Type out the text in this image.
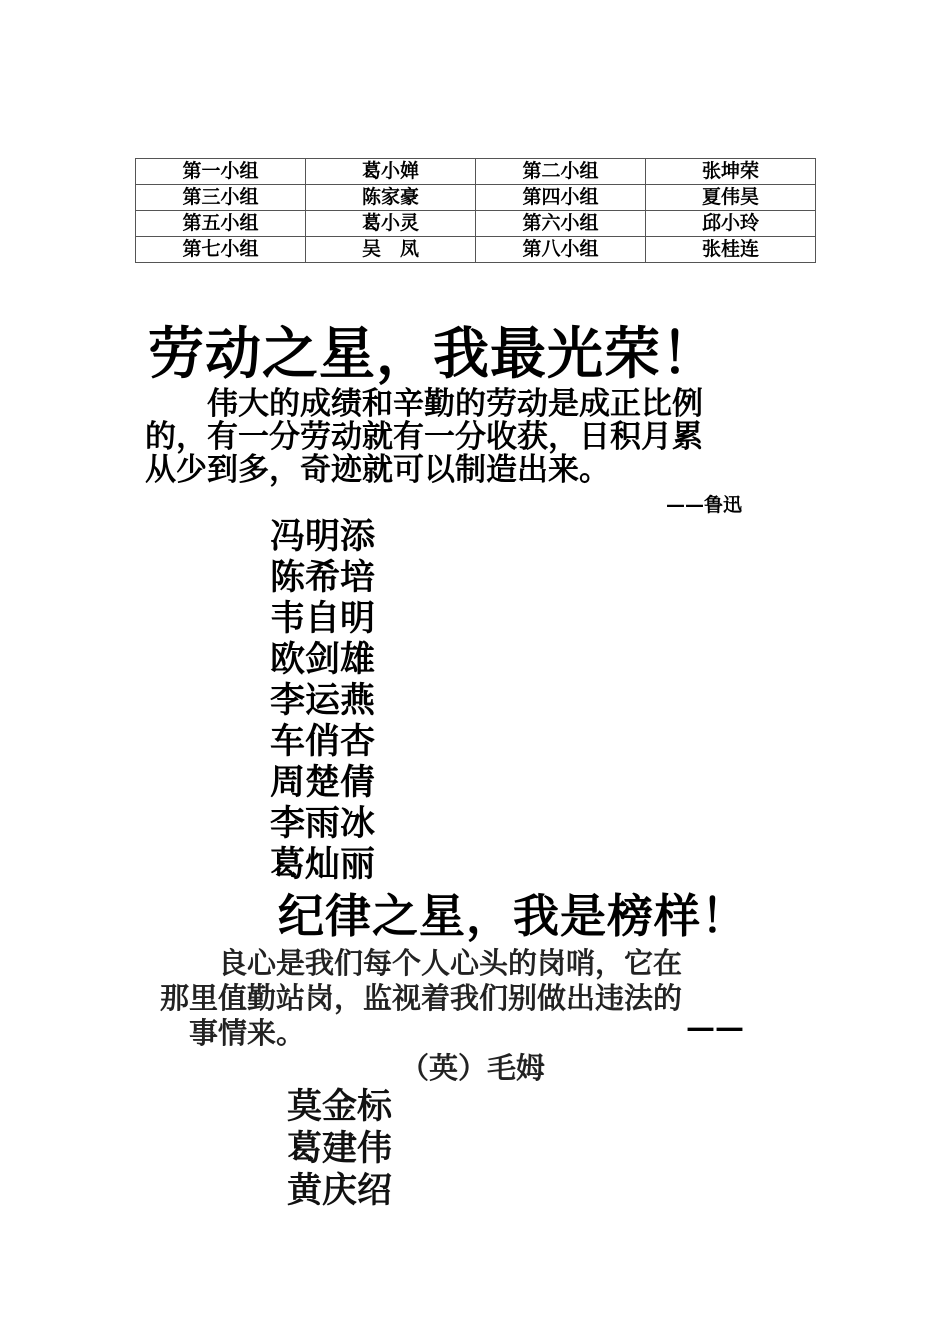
第一小组	葛小婵	第二小组	张坤荣
第三小组	陈家豪	第四小组	夏伟昊
第五小组	葛小灵	第六小组	邱小玲
第七小组	吴　凤	第八小组	张桂连
劳动之星，我最光荣！
　　伟大的成绩和辛勤的劳动是成正比例
的，有一分劳动就有一分收获，日积月累
从少到多，奇迹就可以制造出来。
——鲁迅
冯明添
陈希培
韦自明
欧剑雄
李运燕
车俏杏
周楚倩
李雨冰
葛灿丽
纪律之星，我是榜样！
　　良心是我们每个人心头的岗哨，它在
那里值勤站岗，监视着我们别做出违法的
　事情来。	——
（英）毛姆
莫金标
葛建伟
黄庆绍
